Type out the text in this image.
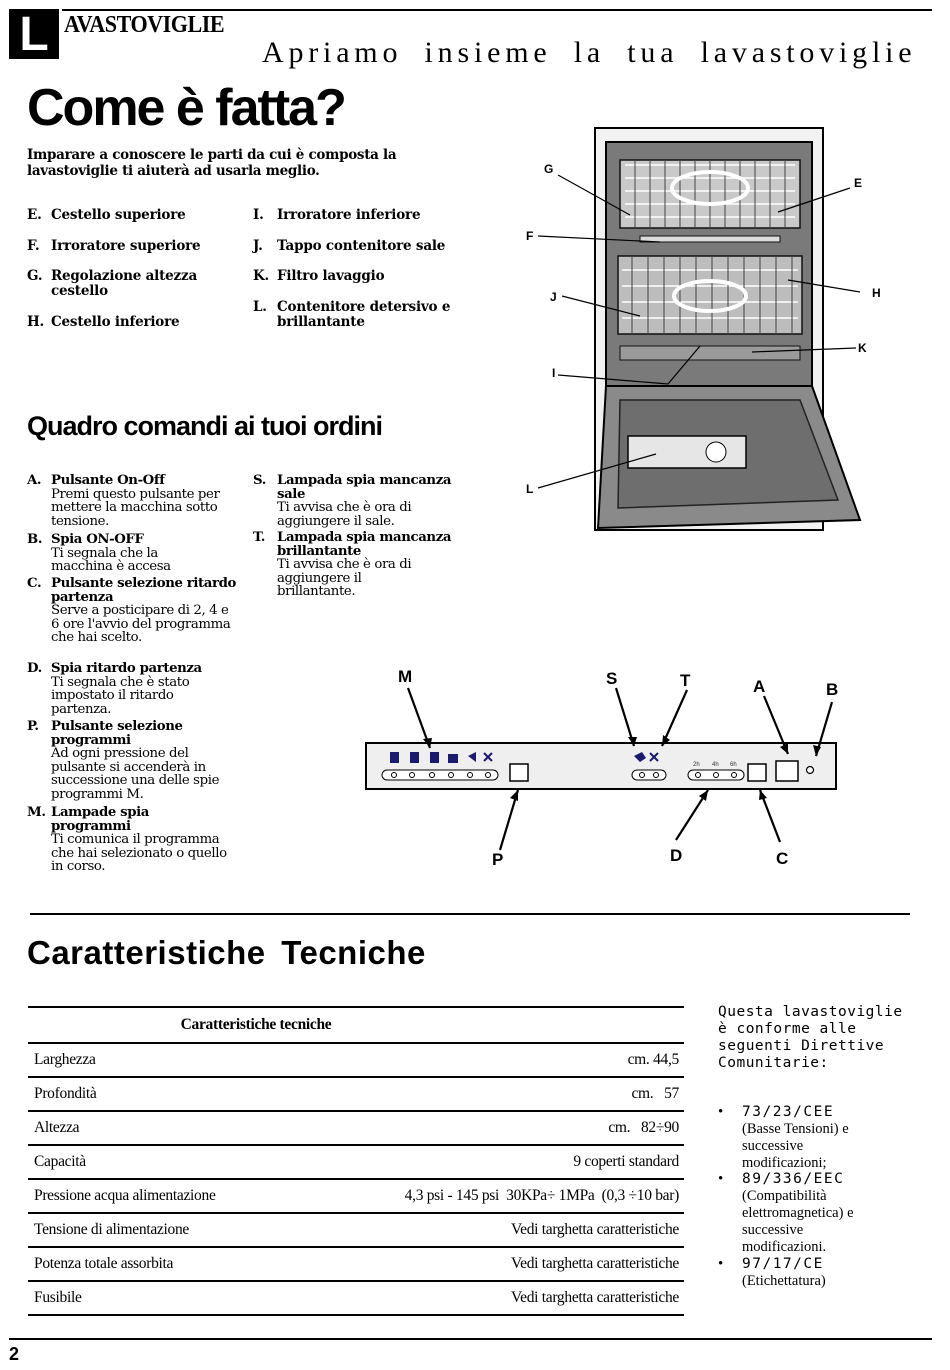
L AVASTOVIGLIE
Apriamo insieme la tua lavastoviglie
Come è fatta?
Imparare a conoscere le parti da cui è composta la lavastoviglie ti aiuterà ad usarla meglio.
E. Cestello superiore
F. Irroratore superiore
G. Regolazione altezza cestello
H. Cestello inferiore
I. Irroratore inferiore
J.	Tappo contenitore sale
K. Filtro lavaggio
L. Contenitore detersivo e brillantante
G
E
F
H
J
K
I
L
Quadro comandi ai tuoi ordini
A. Pulsante On-Off
Premi questo pulsante per mettere la macchina sotto tensione.
B. Spia ON-OFF
Ti segnala che la macchina è accesa
C. Pulsante selezione ritardo partenza
Serve a posticipare di 2, 4 e 6 ore l'avvio del programma che hai scelto.
D. Spia ritardo partenza
Ti segnala che è stato impostato il ritardo partenza.
P. Pulsante selezione programmi
Ad ogni pressione del pulsante si accenderà in successione una delle spie programmi M.
M. Lampade spia programmi
Ti comunica il programma che hai selezionato o quello in corso.
S. Lampada spia mancanza sale
Ti avvisa che è ora di aggiungere il sale.
T. Lampada spia mancanza brillantante
Ti avvisa che è ora di aggiungere il brillantante.
2h 4h 6h
M	S	T	A	B
P	D	C
Caratteristiche Tecniche
Caratteristiche tecniche
Larghezza	cm. 44,5
Profondità	cm.   57
Altezza	cm.   82÷90
Capacità	9 coperti standard
Pressione acqua alimentazione	4,3 psi - 145 psi  30KPa÷ 1MPa  (0,3 ÷10 bar)
Tensione di alimentazione	Vedi targhetta caratteristiche
Potenza totale assorbita	Vedi targhetta caratteristiche
Fusibile	Vedi targhetta caratteristiche
Questa lavastoviglie è conforme alle seguenti Direttive Comunitarie:
•	73/23/CEE
(Basse Tensioni) e successive modificazioni;
•	89/336/EEC
(Compatibilità elettromagnetica) e successive modificazioni.
•	97/17/CE
(Etichettatura)
2
